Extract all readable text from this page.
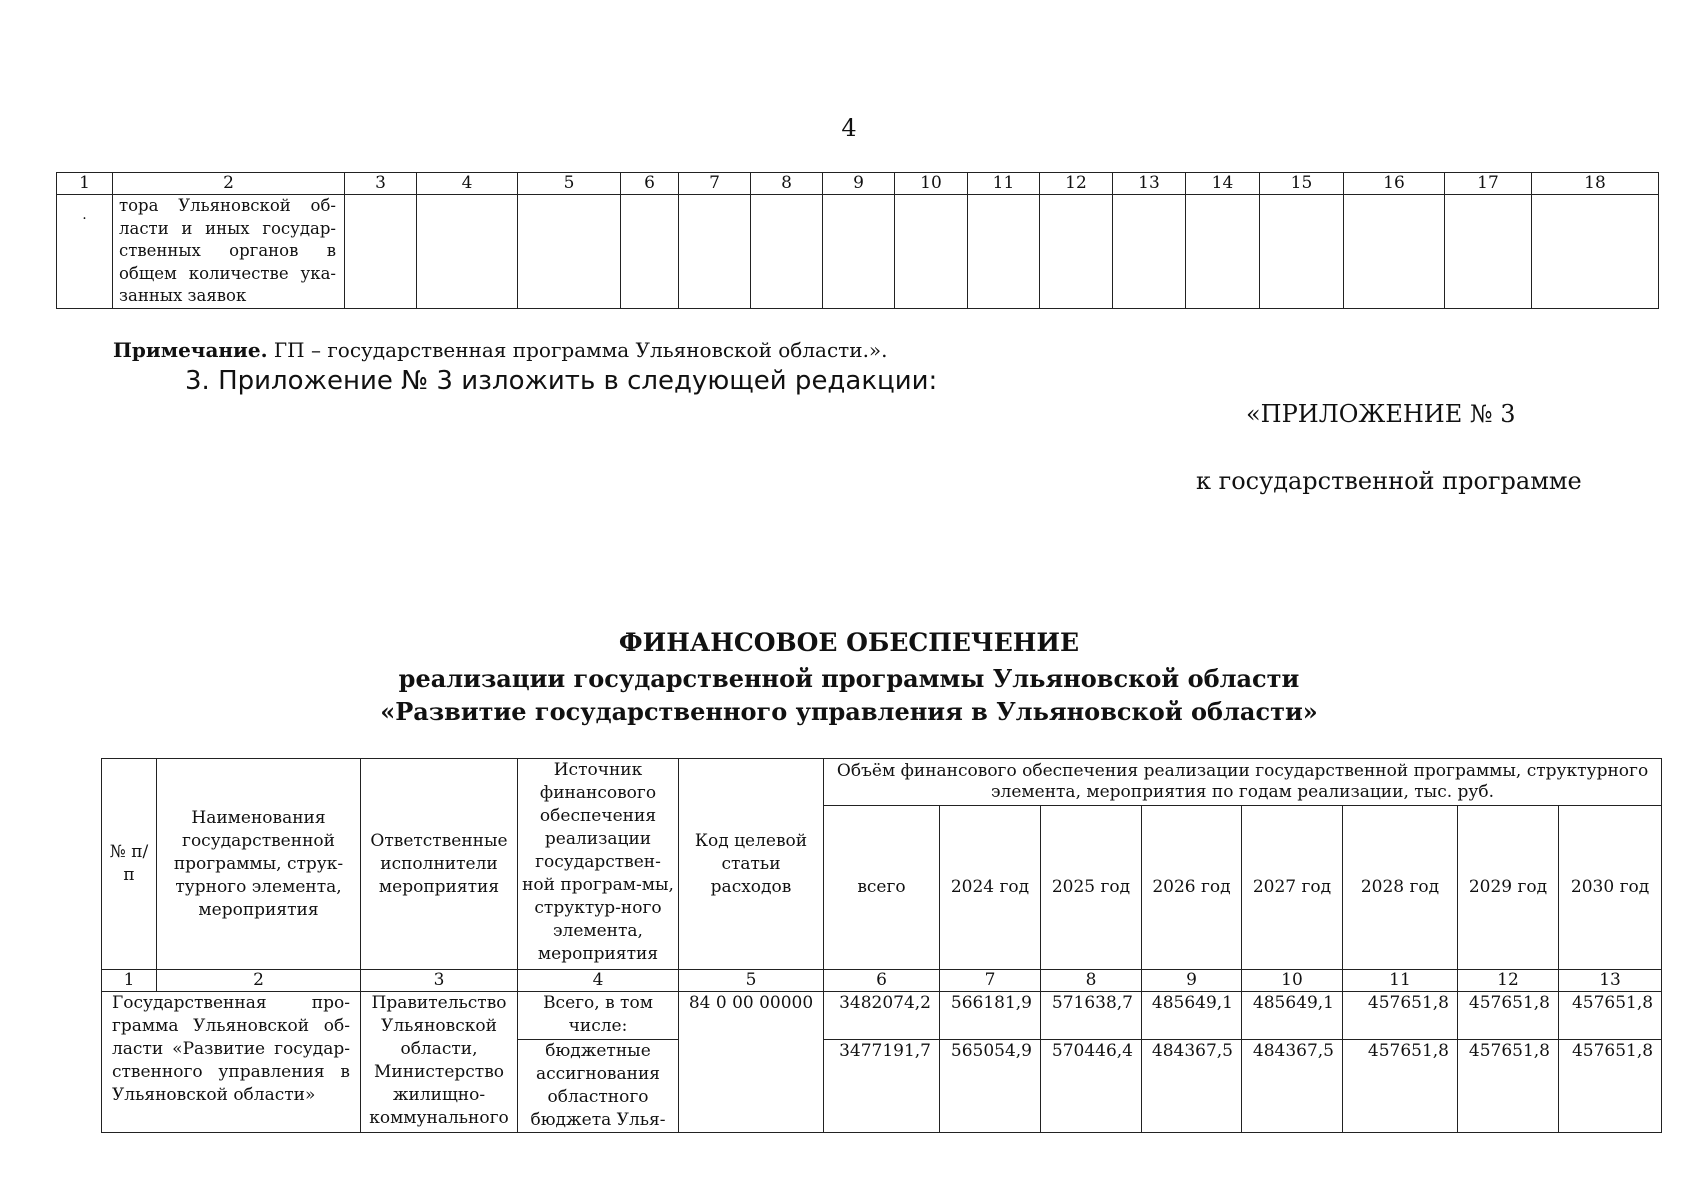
4
1	2	3	4	5	6	7	8	9	10	11	12	13	14	15	16	17	18
.	тора Ульяновской об-ласти и иных государ-ственных органов в общем количестве ука-занных заявок																
Примечание. ГП – государственная программа Ульяновской области.».
3. Приложение № 3 изложить в следующей редакции:
«ПРИЛОЖЕНИЕ № 3
к государственной программе
ФИНАНСОВОЕ ОБЕСПЕЧЕНИЕ
реализации государственной программы Ульяновской области
«Развитие государственного управления в Ульяновской области»
№ п/п	Наименования государственной программы, струк-турного элемента, мероприятия	Ответственные исполнители мероприятия	Источник финансового обеспечения реализации государствен-ной програм-мы, структур-ного элемента, мероприятия	Код целевой статьи расходов	Объём финансового обеспечения реализации государственной программы, структурного элемента, мероприятия по годам реализации, тыс. руб.							
					всего	2024 год	2025 год	2026 год	2027 год	2028 год	2029 год	2030 год
1	2	3	4	5	6	7	8	9	10	11	12	13
Государственная про-грамма Ульяновской об-ласти «Развитие государ-ственного управления в Ульяновской области»		Правительство Ульяновской области, Министерство жилищно-коммунального	Всего, в том числе:	84 0 00 00000	3482074,2	566181,9	571638,7	485649,1	485649,1	457651,8	457651,8	457651,8
			бюджетные ассигнования областного бюджета Улья-		3477191,7	565054,9	570446,4	484367,5	484367,5	457651,8	457651,8	457651,8
